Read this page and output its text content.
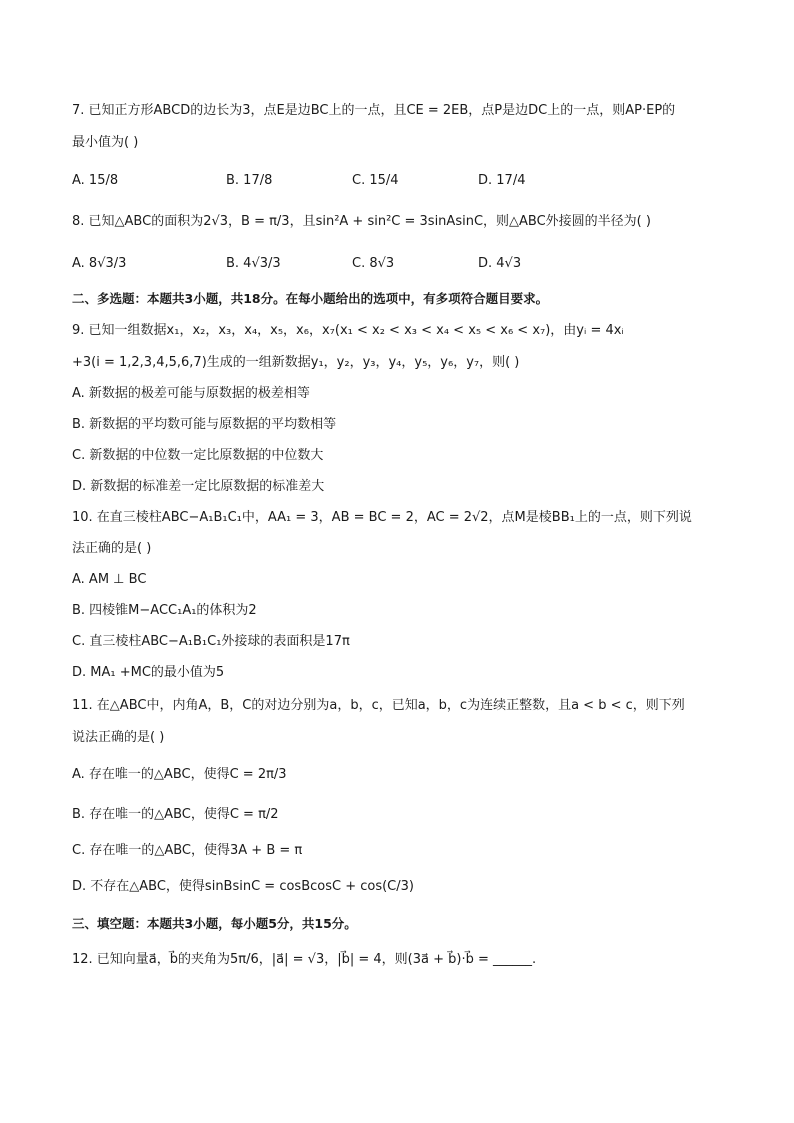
7. 已知正方形ABCD的边长为3，点E是边BC上的一点，且CE = 2EB，点P是边DC上的一点，则AP·EP的
最小值为( )
A. 15/8	B. 17/8	C. 15/4	D. 17/4
8. 已知△ABC的面积为2√3，B = π/3，且sin²A + sin²C = 3sinAsinC，则△ABC外接圆的半径为( )
A. 8√3/3	B. 4√3/3	C. 8√3	D. 4√3
二、多选题：本题共3小题，共18分。在每小题给出的选项中，有多项符合题目要求。
9. 已知一组数据x₁，x₂，x₃，x₄，x₅，x₆，x₇(x₁ < x₂ < x₃ < x₄ < x₅ < x₆ < x₇)，由yᵢ = 4xᵢ
+3(i = 1,2,3,4,5,6,7)生成的一组新数据y₁，y₂，y₃，y₄，y₅，y₆，y₇，则( )
A. 新数据的极差可能与原数据的极差相等
B. 新数据的平均数可能与原数据的平均数相等
C. 新数据的中位数一定比原数据的中位数大
D. 新数据的标准差一定比原数据的标准差大
10. 在直三棱柱ABC−A₁B₁C₁中，AA₁ = 3，AB = BC = 2，AC = 2√2，点M是棱BB₁上的一点，则下列说
法正确的是( )
A. AM ⊥ BC
B. 四棱锥M−ACC₁A₁的体积为2
C. 直三棱柱ABC−A₁B₁C₁外接球的表面积是17π
D. MA₁ +MC的最小值为5
11. 在△ABC中，内角A，B，C的对边分别为a，b，c，已知a，b，c为连续正整数，且a < b < c，则下列
说法正确的是( )
A. 存在唯一的△ABC，使得C = 2π/3
B. 存在唯一的△ABC，使得C = π/2
C. 存在唯一的△ABC，使得3A + B = π
D. 不存在△ABC，使得sinBsinC = cosBcosC + cos(C/3)
三、填空题：本题共3小题，每小题5分，共15分。
12. 已知向量a⃗，b⃗的夹角为5π/6，|a⃗| = √3，|b⃗| = 4，则(3a⃗ + b⃗)·b⃗ = ______.
